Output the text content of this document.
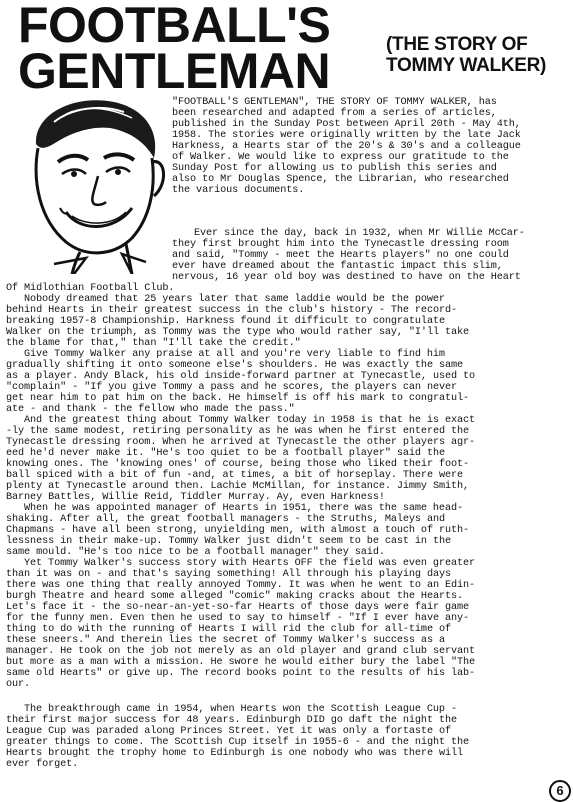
FOOTBALL'S
GENTLEMAN	(THE STORY OF
TOMMY WALKER)
"FOOTBALL'S GENTLEMAN", THE STORY OF TOMMY WALKER, has
been researched and adapted from a series of articles,
published in the Sunday Post between April 20th - May 4th,
1958. The stories were originally written by the late Jack
Harkness, a Hearts star of the 20's & 30's and a colleague
of Walker. We would like to express our gratitude to the
Sunday Post for allowing us to publish this series and
also to Mr Douglas Spence, the Librarian, who researched
the various documents.
Ever since the day, back in 1932, when Mr Willie McCar-
they first brought him into the Tynecastle dressing room
and said, "Tommy - meet the Hearts players" no one could
ever have dreamed about the fantastic impact this slim,
nervous, 16 year old boy was destined to have on the Heart
Of Midlothian Football Club.
Nobody dreamed that 25 years later that same laddie would be the power
behind Hearts in their greatest success in the club's history - The record-
breaking 1957-8 Championship. Harkness found it difficult to congratulate
Walker on the triumph, as Tommy was the type who would rather say, "I'll take
the blame for that," than "I'll take the credit."
Give Tommy Walker any praise at all and you're very liable to find him
gradually shifting it onto someone else's shoulders. He was exactly the same
as a player. Andy Black, his old inside-forward partner at Tynecastle, used to
"complain" - "If you give Tommy a pass and he scores, the players can never
get near him to pat him on the back. He himself is off his mark to congratul-
ate - and thank - the fellow who made the pass."
And the greatest thing about Tommy Walker today in 1958 is that he is exact
-ly the same modest, retiring personality as he was when he first entered the
Tynecastle dressing room. When he arrived at Tynecastle the other players agr-
eed he'd never make it. "He's too quiet to be a football player" said the
knowing ones. The 'knowing ones' of course, being those who liked their foot-
ball spiced with a bit of fun -and, at times, a bit of horseplay. There were
plenty at Tynecastle around then. Lachie McMillan, for instance. Jimmy Smith,
Barney Battles, Willie Reid, Tiddler Murray. Ay, even Harkness!
When he was appointed manager of Hearts in 1951, there was the same head-
shaking. After all, the great football managers - the Struths, Maleys and
Chapmans - have all been strong, unyielding men, with almost a touch of ruth-
lessness in their make-up. Tommy Walker just didn't seem to be cast in the
same mould. "He's too nice to be a football manager" they said.
Yet Tommy Walker's success story with Hearts OFF the field was even greater
than it was on - and that's saying something! All through his playing days
there was one thing that really annoyed Tommy. It was when he went to an Edin-
burgh Theatre and heard some alleged "comic" making cracks about the Hearts.
Let's face it - the so-near-an-yet-so-far Hearts of those days were fair game
for the funny men. Even then he used to say to himself - "If I ever have any-
thing to do with the running of Hearts I will rid the club for all-time of
these sneers." And therein lies the secret of Tommy Walker's success as a
manager. He took on the job not merely as an old player and grand club servant
but more as a man with a mission. He swore he would either bury the label "The
same old Hearts" or give up. The record books point to the results of his lab-
our.
The breakthrough came in 1954, when Hearts won the Scottish League Cup -
their first major success for 48 years. Edinburgh DID go daft the night the
League Cup was paraded along Princes Street. Yet it was only a fortaste of
greater things to come. The Scottish Cup itself in 1955-6 - and the night the
Hearts brought the trophy home to Edinburgh is one nobody who was there will
ever forget.
6
